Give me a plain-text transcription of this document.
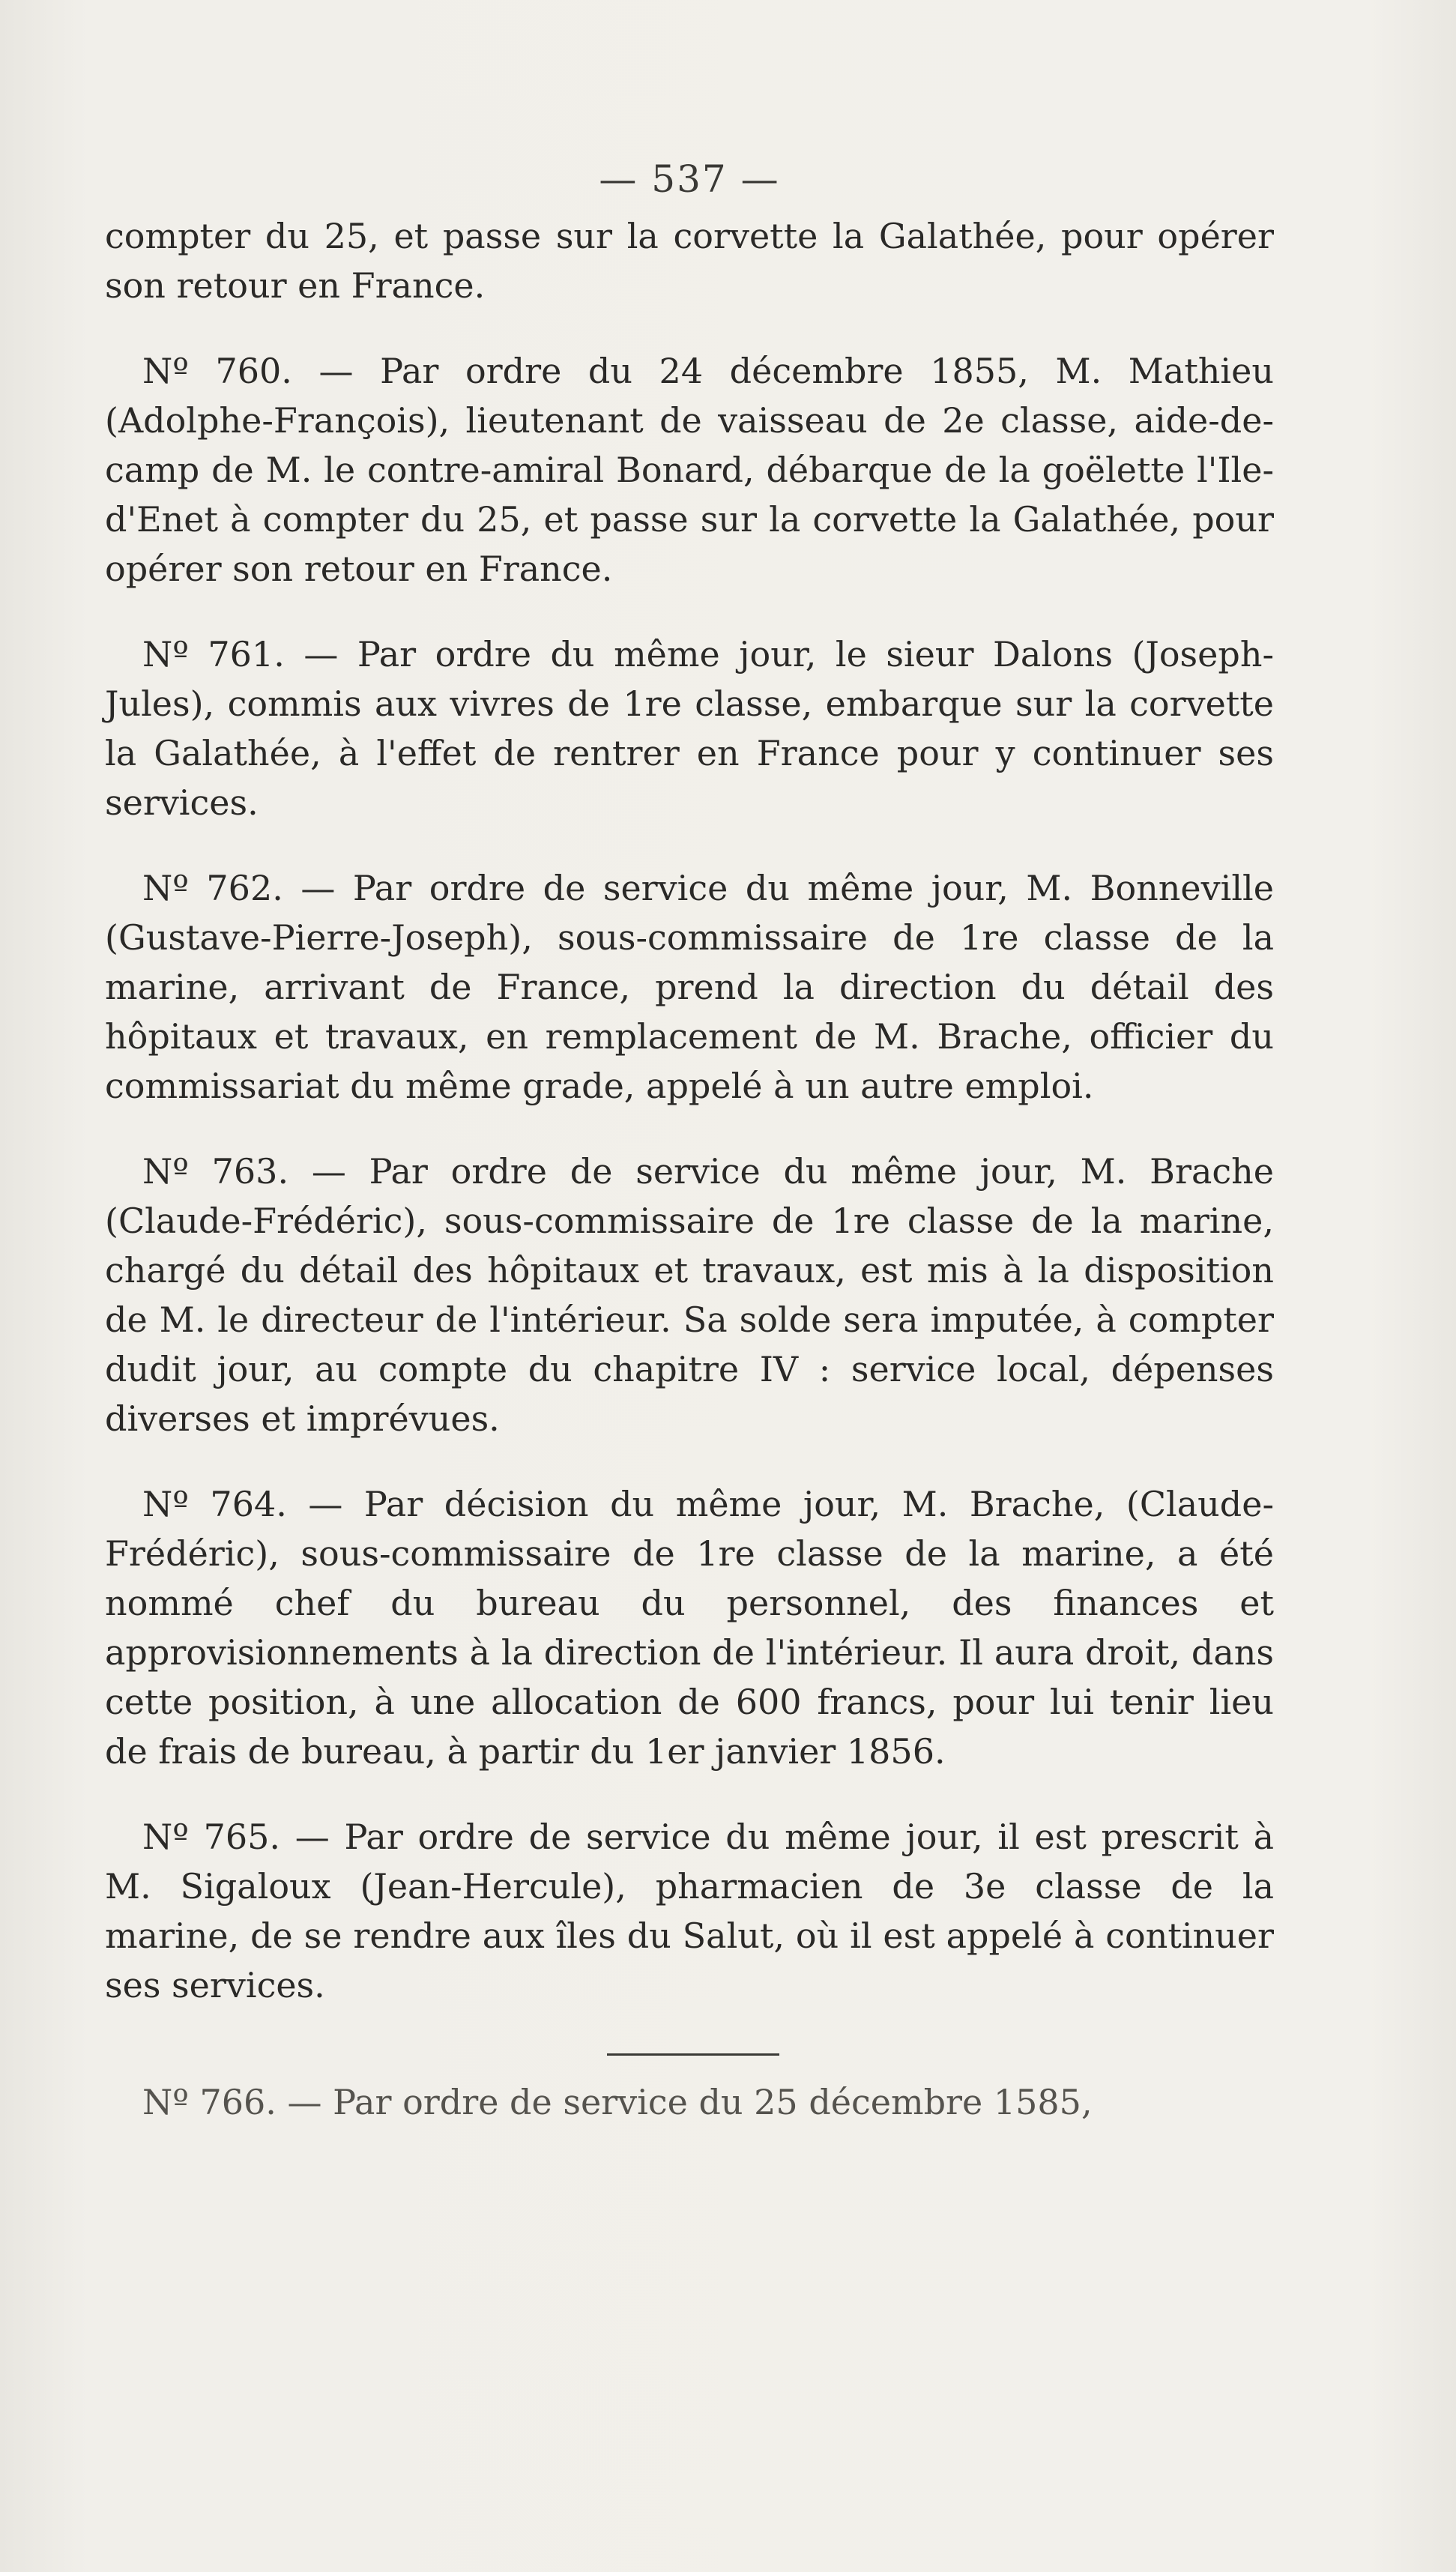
— 537 —

compter du 25, et passe sur la corvette la Galathée, pour opérer son retour en France.

Nº 760. — Par ordre du 24 décembre 1855, M. Mathieu (Adolphe-François), lieutenant de vaisseau de 2e classe, aide-de-camp de M. le contre-amiral Bonard, débarque de la goëlette l'Ile-d'Enet à compter du 25, et passe sur la corvette la Galathée, pour opérer son retour en France.

Nº 761. — Par ordre du même jour, le sieur Dalons (Joseph-Jules), commis aux vivres de 1re classe, embarque sur la corvette la Galathée, à l'effet de rentrer en France pour y continuer ses services.

Nº 762. — Par ordre de service du même jour, M. Bonneville (Gustave-Pierre-Joseph), sous-commissaire de 1re classe de la marine, arrivant de France, prend la direction du détail des hôpitaux et travaux, en remplacement de M. Brache, officier du commissariat du même grade, appelé à un autre emploi.

Nº 763. — Par ordre de service du même jour, M. Brache (Claude-Frédéric), sous-commissaire de 1re classe de la marine, chargé du détail des hôpitaux et travaux, est mis à la disposition de M. le directeur de l'intérieur. Sa solde sera imputée, à compter dudit jour, au compte du chapitre IV : service local, dépenses diverses et imprévues.

Nº 764. — Par décision du même jour, M. Brache, (Claude-Frédéric), sous-commissaire de 1re classe de la marine, a été nommé chef du bureau du personnel, des finances et approvisionnements à la direction de l'intérieur. Il aura droit, dans cette position, à une allocation de 600 francs, pour lui tenir lieu de frais de bureau, à partir du 1er janvier 1856.

Nº 765. — Par ordre de service du même jour, il est prescrit à M. Sigaloux (Jean-Hercule), pharmacien de 3e classe de la marine, de se rendre aux îles du Salut, où il est appelé à continuer ses services.

Nº 766. — Par ordre de service du 25 décembre 1585,
